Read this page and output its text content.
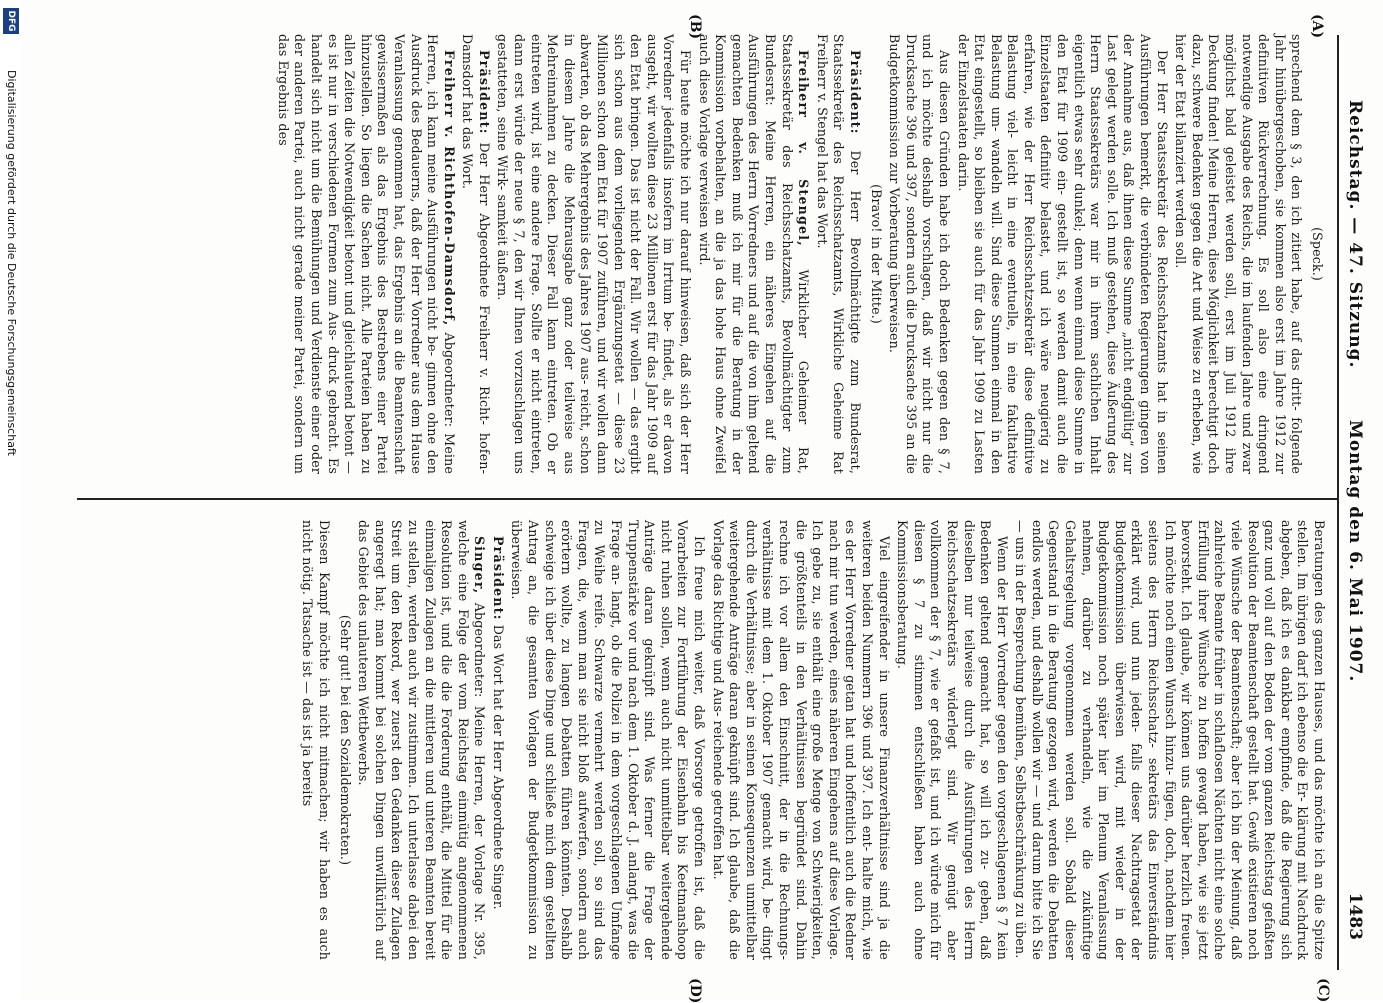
Reichstag. — 47. Sitzung.
Montag den 6. Mai 1907.
1483
(A)
(B)
(C)
(D)

(Speck.)

sprechend dem § 3, den ich zitiert habe, auf das dritt- folgende Jahr hinübergeschoben, sie kommen also erst im Jahre 1912 zur definitiven Rückverrechnung. Es soll also eine dringend notwendige Ausgabe des Reichs, die im laufenden Jahre und zwar möglichst bald geleistet werden soll, erst im Juli 1912 ihre Deckung finden! Meine Herren, diese Möglichkeit berechtigt doch dazu, schwere Bedenken gegen die Art und Weise zu erheben, wie hier der Etat bilanziert werden soll.

Der Herr Staatssekretär des Reichsschatzamts hat in seinen Ausführungen bemerkt, die verbündeten Regierungen gingen von der Annahme aus, daß ihnen diese Summe „nicht endgültig“ zur Last gelegt werden solle. Ich muß gestehen, diese Äußerung des Herrn Staatssekretärs war mir in ihrem sachlichen Inhalt eigentlich etwas sehr dunkel; denn wenn einmal diese Summe in den Etat für 1909 ein- gestellt ist, so werden damit auch die Einzelstaaten definitiv belastet, und ich wäre neugierig zu erfahren, wie der Herr Reichsschatzsekretär diese definitive Belastung viel- leicht in eine eventuelle, in eine fakultative Belastung um- wandeln will. Sind diese Summen einmal in den Etat eingestellt, so bleiben sie auch für das Jahr 1909 zu Lasten der Einzelstaaten darin.

Aus diesen Gründen habe ich doch Bedenken gegen den § 7, und ich möchte deshalb vorschlagen, daß wir nicht nur die Drucksache 396 und 397, sondern auch die Drucksache 395 an die Budgetkommission zur Vorberatung überweisen.

(Bravo! in der Mitte.)

Präsident: Der Herr Bevollmächtigte zum Bundesrat, Staatssekretär des Reichsschatzamts, Wirkliche Geheime Rat Freiherr v. Stengel hat das Wort.

Freiherr v. Stengel, Wirklicher Geheimer Rat, Staatssekretär des Reichsschatzamts, Bevollmächtigter zum Bundesrat: Meine Herren, ein näheres Eingehen auf die Ausführungen des Herrn Vorredners und auf die von ihm geltend gemachten Bedenken muß ich mir für die Beratung in der Kommission vorbehalten, an die ja das hohe Haus ohne Zweifel auch diese Vorlage verweisen wird.

Für heute möchte ich nur darauf hinweisen, daß sich der Herr Vorredner jedenfalls insofern im Irrtum be- findet, als er davon ausgeht, wir wollten diese 23 Millionen erst für das Jahr 1909 auf den Etat bringen. Das ist nicht der Fall. Wir wollen — das ergibt sich schon aus dem vorliegenden Ergänzungsetat — diese 23 Millionen schon dem Etat für 1907 zuführen, und wir wollen dann abwarten, ob das Mehrergebnis des Jahres 1907 aus- reicht, schon in diesem Jahre die Mehrausgabe ganz oder teilweise aus Mehreinnahmen zu decken. Dieser Fall kann eintreten. Ob er eintreten wird, ist eine andere Frage. Sollte er nicht eintreten, dann erst würde der neue § 7, den wir Ihnen vorzuschlagen uns gestatteten, seine Wirk- samkeit äußern.

Präsident: Der Herr Abgeordnete Freiherr v. Richt- hofen-Damsdorf hat das Wort.

Freiherr v. Richthofen-Damsdorf, Abgeordneter: Meine Herren, ich kann meine Ausführungen nicht be- ginnen ohne den Ausdruck des Bedauerns, daß der Herr Vorredner aus dem Hause Veranlassung genommen hat, das Ergebnis an die Beamtenschaft gewissermaßen als das Ergebnis des Bestrebens einer Partei hinzustellen. So liegen die Sachen nicht. Alle Parteien haben zu allen Zeiten die Notwendigkeit betont und gleichlautend betont — es ist nur in verschiedenen Formen zum Aus- druck gebracht. Es handelt sich nicht um die Bemühungen und Verdienste einer oder der anderen Partei, auch nicht gerade meiner Partei, sondern um das Ergebnis des

Beratungen des ganzen Hauses, und das möchte ich an die Spitze stellen. Im übrigen darf ich ebenso die Er- klärung mit Nachdruck abgeben, daß ich es dankbar empfinde, daß die Regierung sich ganz und voll auf den Boden der vom ganzen Reichstag gefaßten Resolution der Beamtenschaft gestellt hat. Gewiß existieren noch viele Wünsche der Beamtenschaft; aber ich bin der Meinung, daß zahlreiche Beamte früher in schlaflosen Nächten nicht eine solche Erfüllung ihrer Wünsche zu hoffen gewagt haben, wie sie jetzt bevorsteht. Ich glaube, wir können uns darüber herzlich freuen. Ich möchte noch einen Wunsch hinzu- fügen, doch, nachdem hier seitens des Herrn Reichsschatz- sekretärs das Einverständnis erklärt wird, und nun jeden- falls dieser Nachtragsetat der Budgetkommission überwiesen wird, mit wieder in der Budgetkommission noch später hier im Plenum Veranlassung nehmen, darüber zu verhandeln, wie die zukünftige Gehaltsregelung vorgenommen werden soll. Sobald dieser Gegenstand in die Beratung gezogen wird, werden die Debatten endlos werden, und deshalb wollen wir — und darum bitte ich Sie — uns in der Besprechung bemühen, Selbstbeschränkung zu üben.

Wenn der Herr Vorredner gegen den vorgeschlagenen § 7 kein Bedenken geltend gemacht hat, so will ich zu- geben, daß dieselben nur teilweise durch die Ausführungen des Herrn Reichsschatzsekretärs widerlegt sind. Wir genügt aber vollkommen der § 7, wie er gefaßt ist, und ich würde mich für diesen § 7 zu stimmen entschließen haben auch ohne Kommissionsberatung.

Viel eingreifender in unsere Finanzverhältnisse sind ja die weiteren beiden Nummern 396 und 397. Ich ent- halte mich, wie es der Herr Vorredner getan hat und hoffentlich auch die Redner nach mir tun werden, eines näheren Eingehens auf diese Vorlage. Ich gebe zu, sie enthält eine große Menge von Schwierigkeiten, die größtenteils in den Verhältnissen begründet sind. Dahin rechne ich vor allem den Einschnitt, der in die Rechnungs- verhältnisse mit dem 1. Oktober 1907 gemacht wird, be- dingt durch die Verhältnisse; aber in seinen Konsequenzen unmittelbar weitergehende Anträge daran geknüpft sind. Ich glaube, daß die Vorlage das Richtige und Aus- reichende getroffen hat.

Ich freue mich weiter, daß Vorsorge getroffen ist, daß die Vorarbeiten zur Fortführung der Eisenbahn bis Keetmanshoop nicht ruhen sollen, wenn auch nicht unmittelbar weitergehende Anträge daran geknüpft sind. Was ferner die Frage der Truppenstärke vor und nach dem 1. Oktober d. J. anlangt, was die Frage an- langt, ob die Polizei in dem vorgeschlagenen Umfange zu Weihe reife. Schwarze vermehrt werden soll, so sind das Fragen, die, wenn man sie nicht bloß aufwerfen, sondern auch erörtern wollte, zu langen Debatten führen könnten. Deshalb schweige ich über diese Dinge und schließe mich dem gestellten Antrag an, die gesamten Vorlagen der Budgetkommission zu überweisen.

Präsident: Das Wort hat der Herr Abgeordnete Singer.

Singer, Abgeordneter: Meine Herren, der Vorlage Nr. 395, welche eine Folge der vom Reichstag einmütig angenommenen Resolution ist, und die die Forderung enthält, die Mittel für die einmaligen Zulagen an die mittleren und unteren Beamten bereit zu stellen, werden auch wir zustimmen. Ich unterlasse dabei den Streit um den Rekord, wer zuerst den Gedanken dieser Zulagen angeregt hat; man kommt bei solchen Dingen unwillkürlich auf das Gebiet des unlauteren Wettbewerbs.

(Sehr gut! bei den Sozialdemokraten.)

Diesen Kampf möchte ich nicht mitmachen; wir haben es auch nicht nötig. Tatsache ist — das ist ja bereits

DFG
Digitalisierung gefördert durch die Deutsche Forschungsgemeinschaft
